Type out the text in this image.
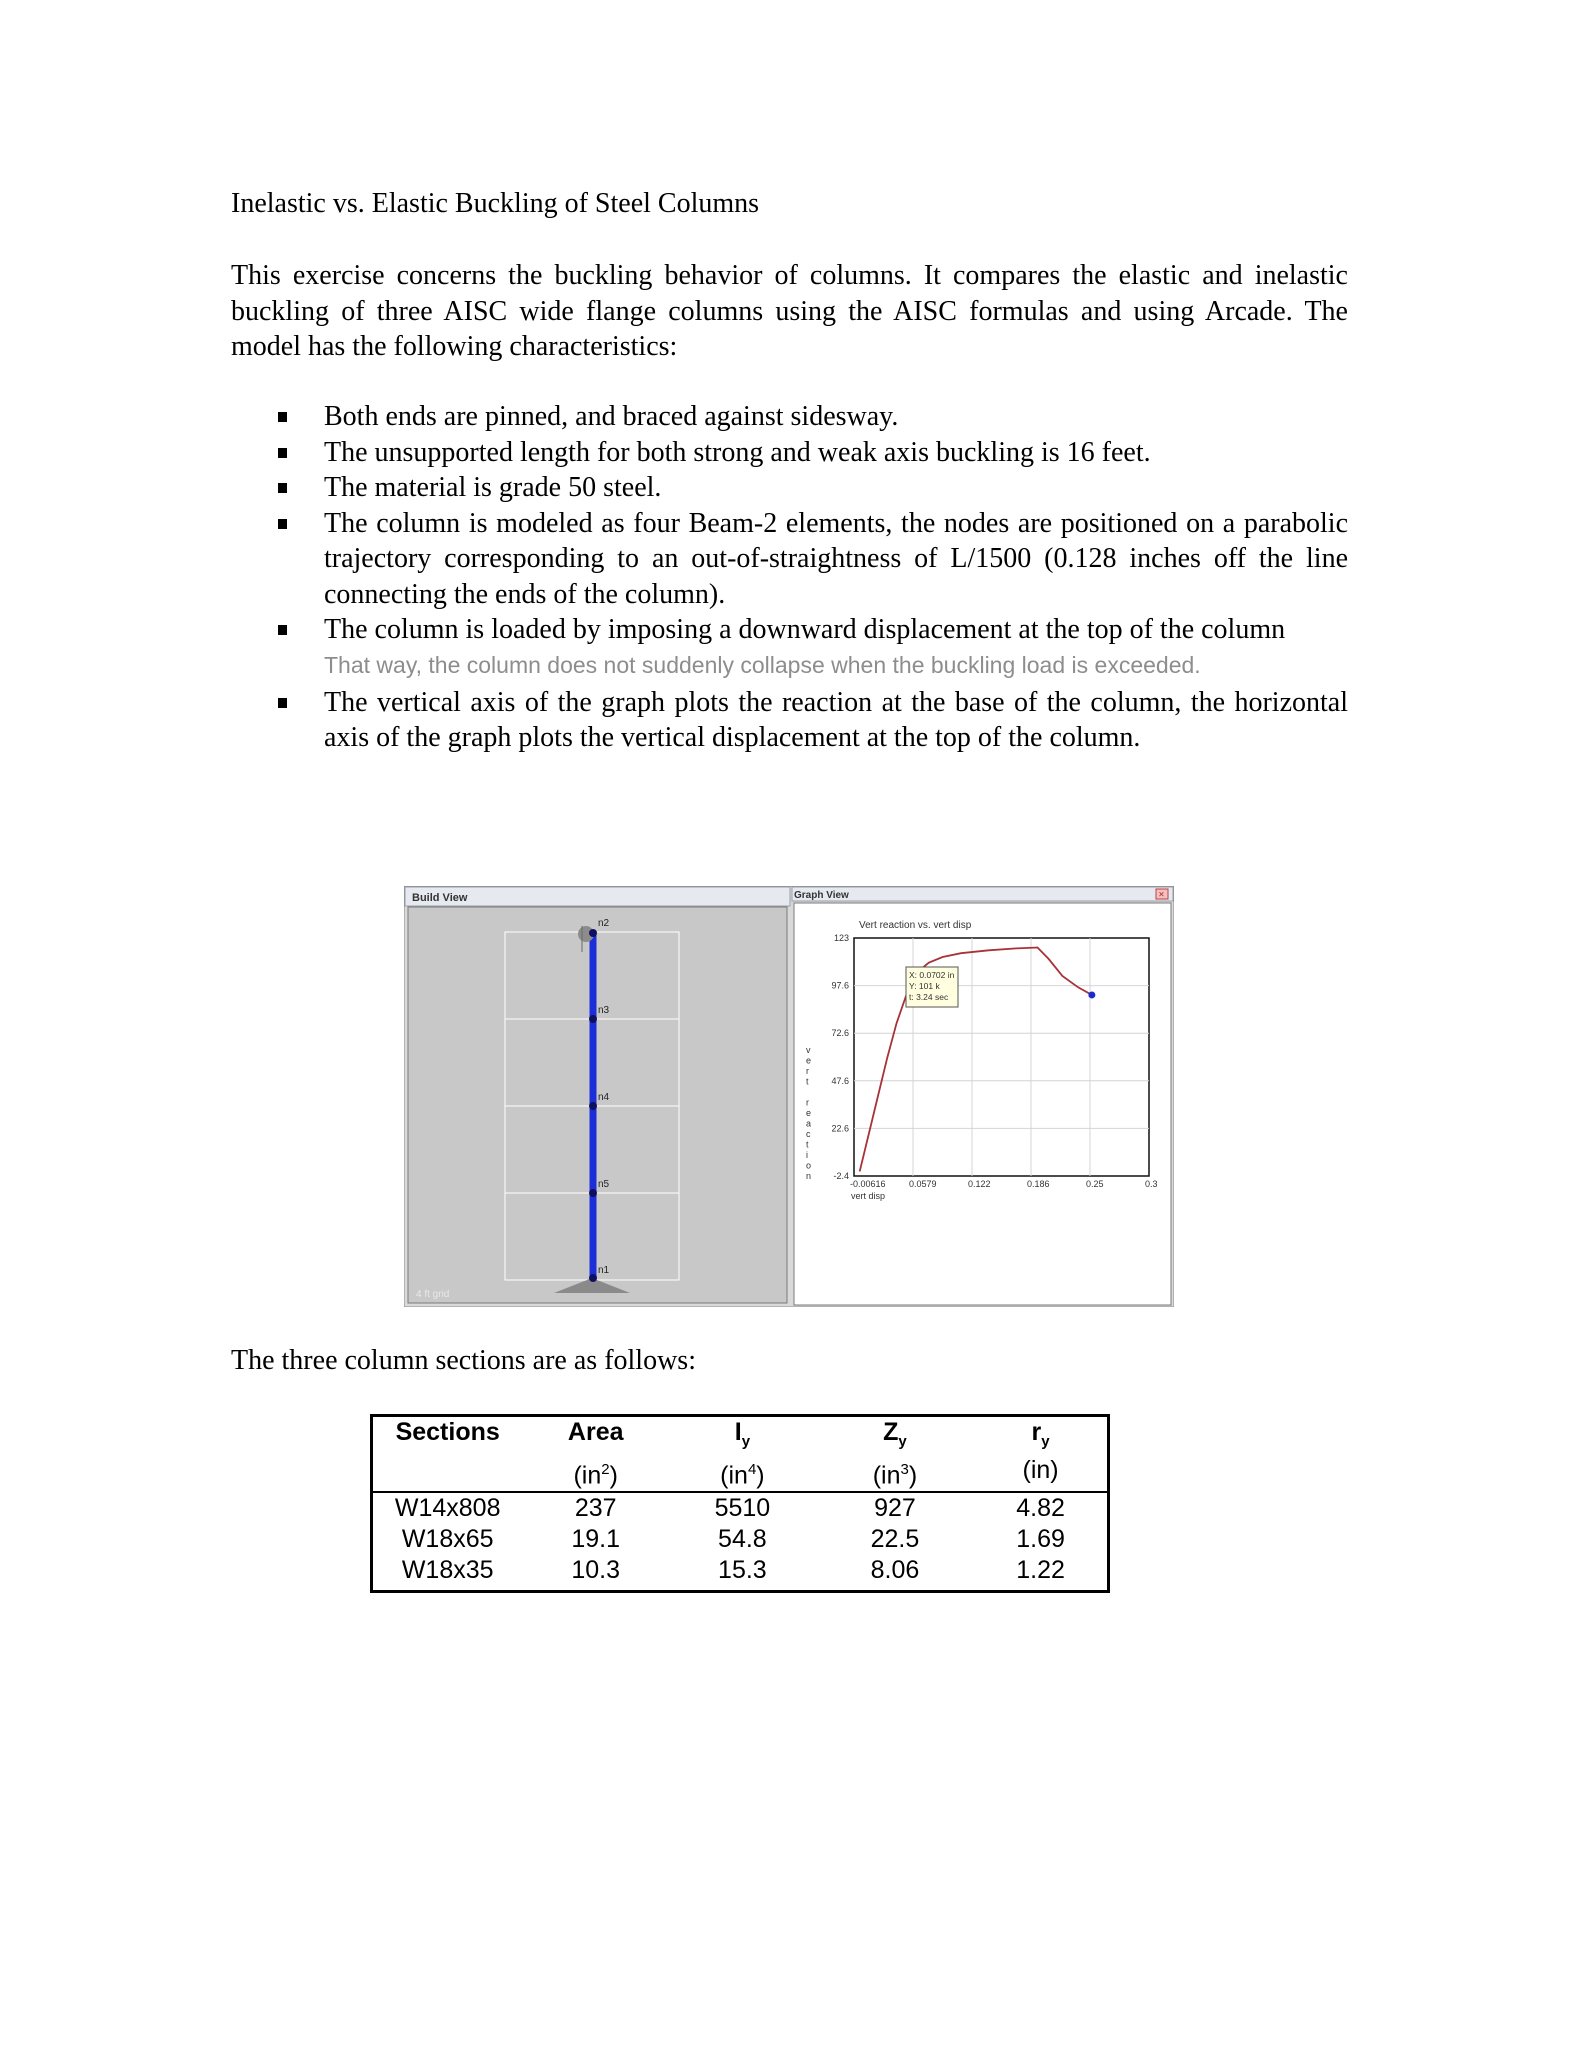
Inelastic vs. Elastic Buckling of Steel Columns
This exercise concerns the buckling behavior of columns. It compares the elastic and inelastic buckling of three AISC wide flange columns using the AISC formulas and using Arcade. The model has the following characteristics:
Both ends are pinned, and braced against sidesway.
The unsupported length for both strong and weak axis buckling is 16 feet.
The material is grade 50 steel.
The column is modeled as four Beam-2 elements, the nodes are positioned on a parabolic trajectory corresponding to an out-of-straightness of L/1500 (0.128 inches off the line connecting the ends of the column).
The column is loaded by imposing a downward displacement at the top of the column
That way, the column does not suddenly collapse when the buckling load is exceeded.
The vertical axis of the graph plots the reaction at the base of the column, the horizontal axis of the graph plots the vertical displacement at the top of the column.
Build View
4 ft grid
n2
n3
n4
n5
n1
Graph View	×
Vert reaction vs. vert disp
-0.00616	0.0579	0.122	0.186	0.25	0.3
123
97.6
72.6
47.6
22.6
-2.4
vert disp
v e r t r e a c t i o n
X: 0.0702 in
Y: 101 k
t: 3.24 sec
The three column sections are as follows:
Sections	Area	$I_y$	$Z_y$	$r_y$
	$(in^2)$	$(in^4)$	$(in^3)$	(in)
W14x808	237	5510	927	4.82
W18x65	19.1	54.8	22.5	1.69
W18x35	10.3	15.3	8.06	1.22
